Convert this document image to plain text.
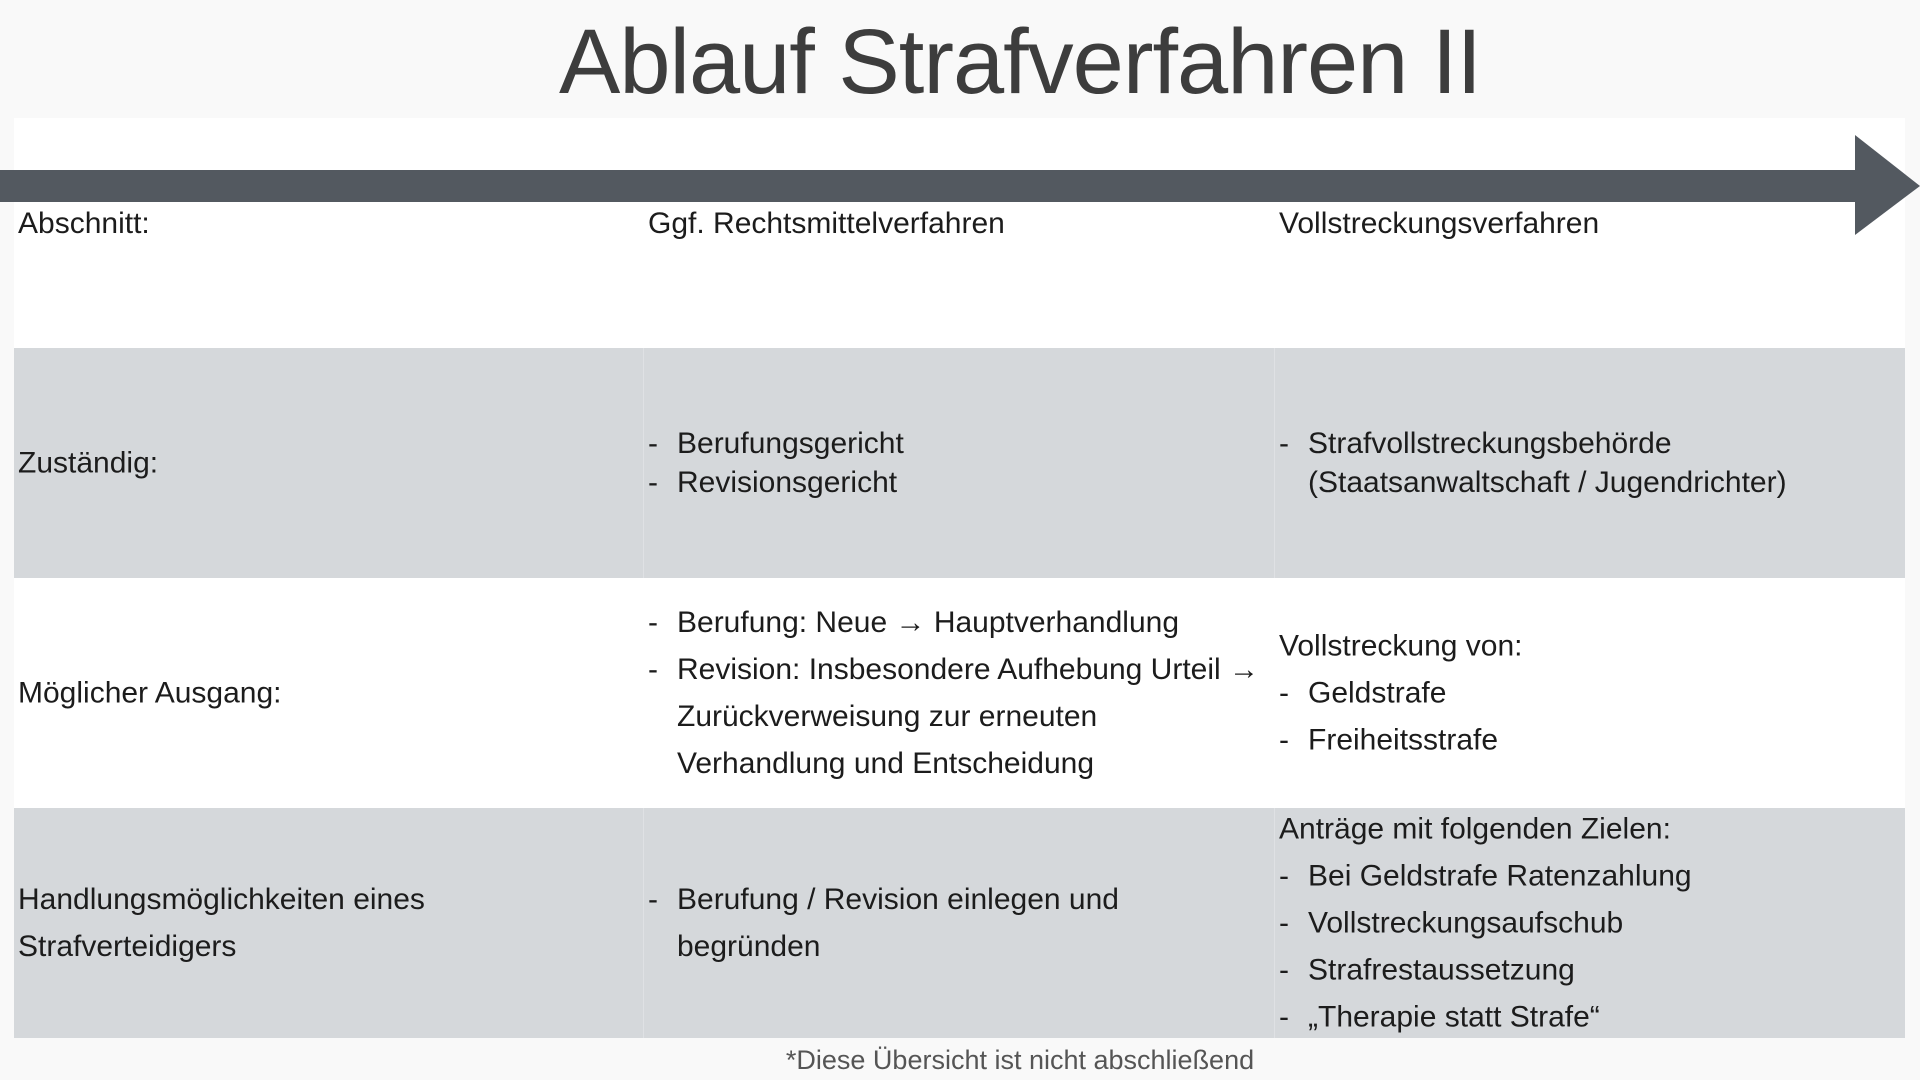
Ablauf Strafverfahren II
Abschnitt:	Ggf. Rechtsmittelverfahren	Vollstreckungsverfahren
Zuständig:
- Berufungsgericht
- Revisionsgericht
- Strafvollstreckungsbehörde (Staatsanwaltschaft / Jugendrichter)
Möglicher Ausgang:
- Berufung: Neue → Hauptverhandlung
- Revision: Insbesondere Aufhebung Urteil → Zurückverweisung zur erneuten Verhandlung und Entscheidung
Vollstreckung von:
- Geldstrafe
- Freiheitsstrafe
Handlungsmöglichkeiten eines Strafverteidigers
- Berufung / Revision einlegen und begründen
Anträge mit folgenden Zielen:
- Bei Geldstrafe Ratenzahlung
- Vollstreckungsaufschub
- Strafrestaussetzung
- „Therapie statt Strafe“
*Diese Übersicht ist nicht abschließend
